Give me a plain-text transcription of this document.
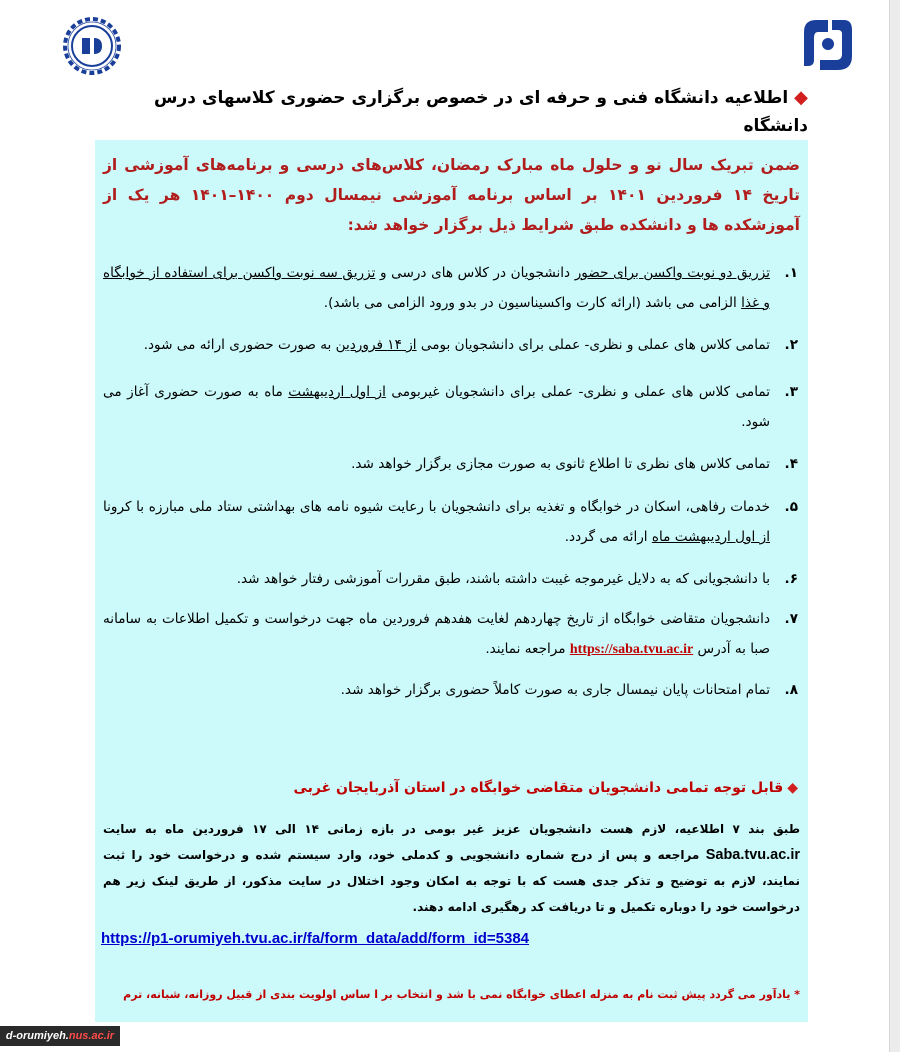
◆اطلاعیه دانشگاه فنی و حرفه ای در خصوص برگزاری حضوری کلاسهای درس دانشگاه
ضمن تبریک سال نو و حلول ماه مبارک رمضان، کلاس‌های درسی و برنامه‌های آموزشی از تاریخ ۱۴ فروردین ۱۴۰۱ بر اساس برنامه آموزشی نیمسال دوم ۱۴۰۰–۱۴۰۱ هر یک از آموزشکده ها و دانشکده طبق شرایط ذیل برگزار خواهد شد:
۱.
تزریق دو نوبت واکسن برای حضور دانشجویان در کلاس های درسی و تزریق سه نوبت واکسن برای استفاده از خوابگاه و غذا الزامی می باشد (ارائه کارت واکسیناسیون در بدو ورود الزامی می باشد).
۲.
تمامی کلاس های عملی و نظری- عملی برای دانشجویان بومی از ۱۴ فروردین به صورت حضوری ارائه می شود.
۳.
تمامی کلاس های عملی و نظری- عملی برای دانشجویان غیربومی از اول اردیبهشت ماه به صورت حضوری آغاز می شود.
۴.
تمامی کلاس های نظری تا اطلاع ثانوی به صورت مجازی برگزار خواهد شد.
۵.
خدمات رفاهی، اسکان در خوابگاه و تغذیه برای دانشجویان با رعایت شیوه نامه های بهداشتی ستاد ملی مبارزه با کرونا از اول اردیبهشت ماه ارائه می گردد.
۶.
با دانشجویانی که به دلایل غیرموجه غیبت داشته باشند، طبق مقررات آموزشی رفتار خواهد شد.
۷.
دانشجویان متقاضی خوابگاه از تاریخ چهاردهم لغایت هفدهم فروردین ماه جهت درخواست و تکمیل اطلاعات به سامانه صبا به آدرس https://saba.tvu.ac.ir مراجعه نمایند.
۸.
تمام امتحانات پایان نیمسال جاری به صورت کاملاً حضوری برگزار خواهد شد.
◆قابل توجه تمامی دانشجویان متقاضی خوابگاه در استان آذربایجان غربی
طبق بند ۷ اطلاعیه، لازم هست دانشجویان عزیز غیر بومی در بازه زمانی ۱۴ الی ۱۷ فروردین ماه به سایت Saba.tvu.ac.ir مراجعه و پس از درج شماره دانشجویی و کدملی خود، وارد سیستم شده و درخواست خود را ثبت نمایند، لازم به توضیح و تذکر جدی هست که با توجه به امکان وجود اختلال در سایت مذکور، از طریق لینک زیر هم درخواست خود را دوباره تکمیل و تا دریافت کد رهگیری ادامه دهند.
https://p1-orumiyeh.tvu.ac.ir/fa/form_data/add/form_id=5384
* یادآور می گردد پیش ثبت نام به منزله اعطای خوابگاه نمی با شد و انتخاب بر ا ساس اولویت بندی از قبیل روزانه، شبانه، ترم
d-orumiyeh.nus.ac.ir
